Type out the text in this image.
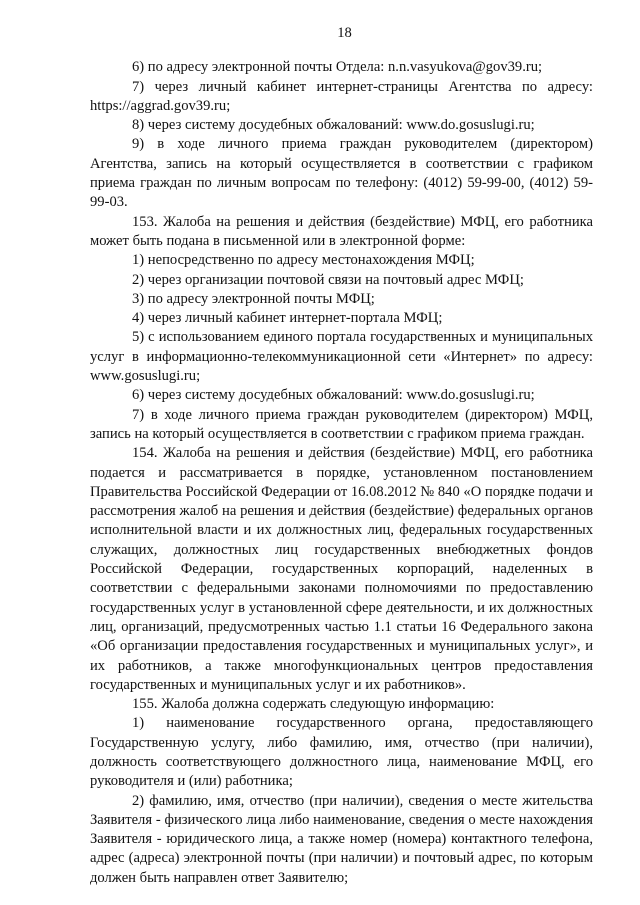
18

6) по адресу электронной почты Отдела: n.n.vasyukova@gov39.ru;

7) через личный кабинет интернет-страницы Агентства по адресу: https://aggrad.gov39.ru;

8) через систему досудебных обжалований: www.do.gosuslugi.ru;

9) в ходе личного приема граждан руководителем (директором) Агентства, запись на который осуществляется в соответствии с графиком приема граждан по личным вопросам по телефону: (4012) 59-99-00, (4012) 59-99-03.

153. Жалоба на решения и действия (бездействие) МФЦ, его работника может быть подана в письменной или в электронной форме:

1) непосредственно по адресу местонахождения МФЦ;

2) через организации почтовой связи на почтовый адрес МФЦ;

3) по адресу электронной почты МФЦ;

4) через личный кабинет интернет-портала МФЦ;

5) с использованием единого портала государственных и муниципальных услуг в информационно-телекоммуникационной сети «Интернет» по адресу: www.gosuslugi.ru;

6) через систему досудебных обжалований: www.do.gosuslugi.ru;

7) в ходе личного приема граждан руководителем (директором) МФЦ, запись на который осуществляется в соответствии с графиком приема граждан.

154. Жалоба на решения и действия (бездействие) МФЦ, его работника подается и рассматривается в порядке, установленном постановлением Правительства Российской Федерации от 16.08.2012 № 840 «О порядке подачи и рассмотрения жалоб на решения и действия (бездействие) федеральных органов исполнительной власти и их должностных лиц, федеральных государственных служащих, должностных лиц государственных внебюджетных фондов Российской Федерации, государственных корпораций, наделенных в соответствии с федеральными законами полномочиями по предоставлению государственных услуг в установленной сфере деятельности, и их должностных лиц, организаций, предусмотренных частью 1.1 статьи 16 Федерального закона «Об организации предоставления государственных и муниципальных услуг», и их работников, а также многофункциональных центров предоставления государственных и муниципальных услуг и их работников».

155. Жалоба должна содержать следующую информацию:

1) наименование государственного органа, предоставляющего Государственную услугу, либо фамилию, имя, отчество (при наличии), должность соответствующего должностного лица, наименование МФЦ, его руководителя и (или) работника;

2) фамилию, имя, отчество (при наличии), сведения о месте жительства Заявителя - физического лица либо наименование, сведения о месте нахождения Заявителя - юридического лица, а также номер (номера) контактного телефона, адрес (адреса) электронной почты (при наличии) и почтовый адрес, по которым должен быть направлен ответ Заявителю;
